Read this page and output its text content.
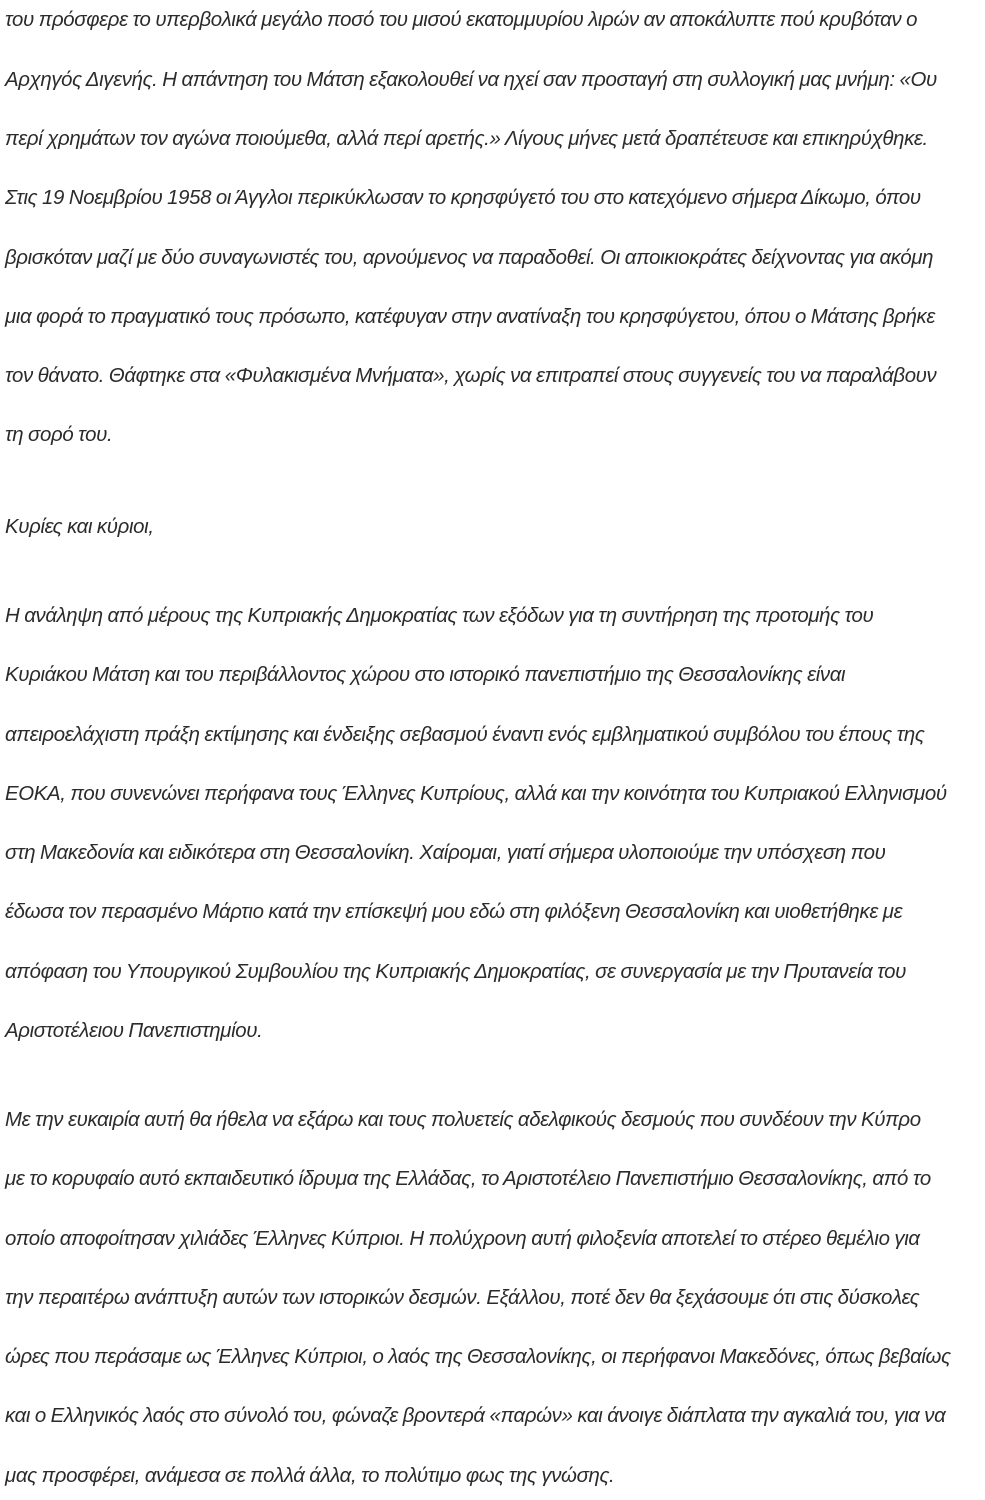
του πρόσφερε το υπερβολικά μεγάλο ποσό του μισού εκατομμυρίου λιρών αν αποκάλυπτε πού κρυβόταν ο
Αρχηγός Διγενής. Η απάντηση του Μάτση εξακολουθεί να ηχεί σαν προσταγή στη συλλογική μας μνήμη: «Ου
περί χρημάτων τον αγώνα ποιούμεθα, αλλά περί αρετής.» Λίγους μήνες μετά δραπέτευσε και επικηρύχθηκε.
Στις 19 Νοεμβρίου 1958 οι Άγγλοι περικύκλωσαν το κρησφύγετό του στο κατεχόμενο σήμερα Δίκωμο, όπου
βρισκόταν μαζί με δύο συναγωνιστές του, αρνούμενος να παραδοθεί. Οι αποικιοκράτες δείχνοντας για ακόμη
μια φορά το πραγματικό τους πρόσωπο, κατέφυγαν στην ανατίναξη του κρησφύγετου, όπου ο Μάτσης βρήκε
τον θάνατο. Θάφτηκε στα «Φυλακισμένα Μνήματα», χωρίς να επιτραπεί στους συγγενείς του να παραλάβουν
τη σορό του.
Κυρίες και κύριοι,
Η ανάληψη από μέρους της Κυπριακής Δημοκρατίας των εξόδων για τη συντήρηση της προτομής του
Κυριάκου Μάτση και του περιβάλλοντος χώρου στο ιστορικό πανεπιστήμιο της Θεσσαλονίκης είναι
απειροελάχιστη πράξη εκτίμησης και ένδειξης σεβασμού έναντι ενός εμβληματικού συμβόλου του έπους της
ΕΟΚΑ, που συνενώνει περήφανα τους Έλληνες Κυπρίους, αλλά και την κοινότητα του Κυπριακού Ελληνισμού
στη Μακεδονία και ειδικότερα στη Θεσσαλονίκη. Χαίρομαι, γιατί σήμερα υλοποιούμε την υπόσχεση που
έδωσα τον περασμένο Μάρτιο κατά την επίσκεψή μου εδώ στη φιλόξενη Θεσσαλονίκη και υιοθετήθηκε με
απόφαση του Υπουργικού Συμβουλίου της Κυπριακής Δημοκρατίας, σε συνεργασία με την Πρυτανεία του
Αριστοτέλειου Πανεπιστημίου.
Με την ευκαιρία αυτή θα ήθελα να εξάρω και τους πολυετείς αδελφικούς δεσμούς που συνδέουν την Κύπρο
με το κορυφαίο αυτό εκπαιδευτικό ίδρυμα της Ελλάδας, το Αριστοτέλειο Πανεπιστήμιο Θεσσαλονίκης, από το
οποίο αποφοίτησαν χιλιάδες Έλληνες Κύπριοι. Η πολύχρονη αυτή φιλοξενία αποτελεί το στέρεο θεμέλιο για
την περαιτέρω ανάπτυξη αυτών των ιστορικών δεσμών. Εξάλλου, ποτέ δεν θα ξεχάσουμε ότι στις δύσκολες
ώρες που περάσαμε ως Έλληνες Κύπριοι, ο λαός της Θεσσαλονίκης, οι περήφανοι Μακεδόνες, όπως βεβαίως
και ο Ελληνικός λαός στο σύνολό του, φώναζε βροντερά «παρών» και άνοιγε διάπλατα την αγκαλιά του, για να
μας προσφέρει, ανάμεσα σε πολλά άλλα, το πολύτιμο φως της γνώσης.
